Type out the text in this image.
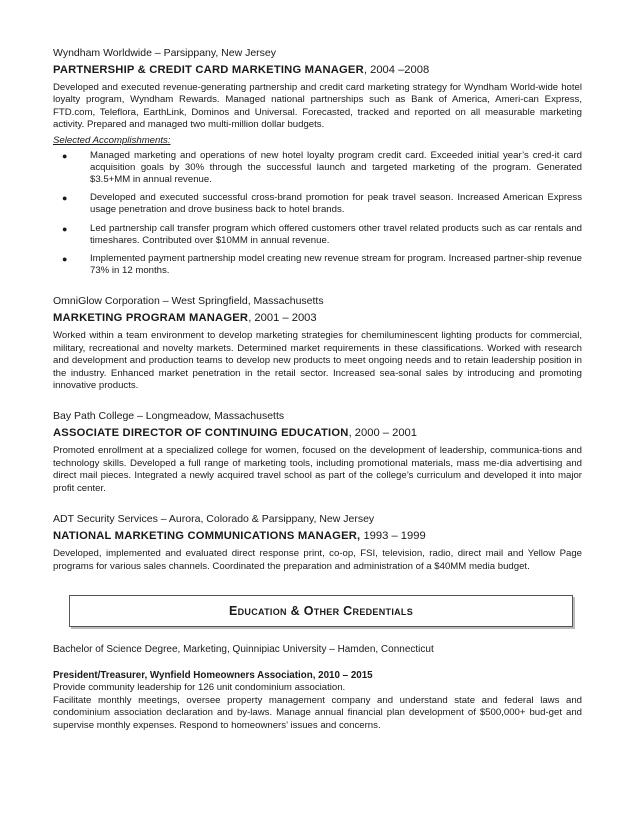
Wyndham Worldwide – Parsippany, New Jersey

PARTNERSHIP & CREDIT CARD MARKETING MANAGER, 2004 –2008

Developed and executed revenue-generating partnership and credit card marketing strategy for Wyndham World-wide hotel loyalty program, Wyndham Rewards. Managed national partnerships such as Bank of America, Ameri-can Express, FTD.com, Teleflora, EarthLink, Dominos and Universal. Forecasted, tracked and reported on all measurable marketing activity. Prepared and managed two multi-million dollar budgets.

Selected Accomplishments:

● Managed marketing and operations of new hotel loyalty program credit card. Exceeded initial year’s cred-it card acquisition goals by 30% through the successful launch and targeted marketing of the program. Generated $3.5+MM in annual revenue.
● Developed and executed successful cross-brand promotion for peak travel season. Increased American Express usage penetration and drove business back to hotel brands.
● Led partnership call transfer program which offered customers other travel related products such as car rentals and timeshares. Contributed over $10MM in annual revenue.
● Implemented payment partnership model creating new revenue stream for program. Increased partner-ship revenue 73% in 12 months.

OmniGlow Corporation – West Springfield, Massachusetts

MARKETING PROGRAM MANAGER, 2001 – 2003

Worked within a team environment to develop marketing strategies for chemiluminescent lighting products for commercial, military, recreational and novelty markets. Determined market requirements in these classifications. Worked with research and development and production teams to develop new products to meet ongoing needs and to retain leadership position in the industry. Enhanced market penetration in the retail sector. Increased sea-sonal sales by introducing and promoting innovative products.

Bay Path College – Longmeadow, Massachusetts

ASSOCIATE DIRECTOR OF CONTINUING EDUCATION, 2000 – 2001

Promoted enrollment at a specialized college for women, focused on the development of leadership, communica-tions and technology skills. Developed a full range of marketing tools, including promotional materials, mass me-dia advertising and direct mail pieces. Integrated a newly acquired travel school as part of the college’s curriculum and developed it into major profit center.

ADT Security Services – Aurora, Colorado & Parsippany, New Jersey

NATIONAL MARKETING COMMUNICATIONS MANAGER, 1993 – 1999

Developed, implemented and evaluated direct response print, co-op, FSI, television, radio, direct mail and Yellow Page programs for various sales channels. Coordinated the preparation and administration of a $40MM media budget.

Education & Other Credentials

Bachelor of Science Degree, Marketing, Quinnipiac University – Hamden, Connecticut

President/Treasurer, Wynfield Homeowners Association, 2010 – 2015

Provide community leadership for 126 unit condominium association.

Facilitate monthly meetings, oversee property management company and understand state and federal laws and condominium association declaration and by-laws. Manage annual financial plan development of $500,000+ bud-get and supervise monthly expenses. Respond to homeowners’ issues and concerns.
